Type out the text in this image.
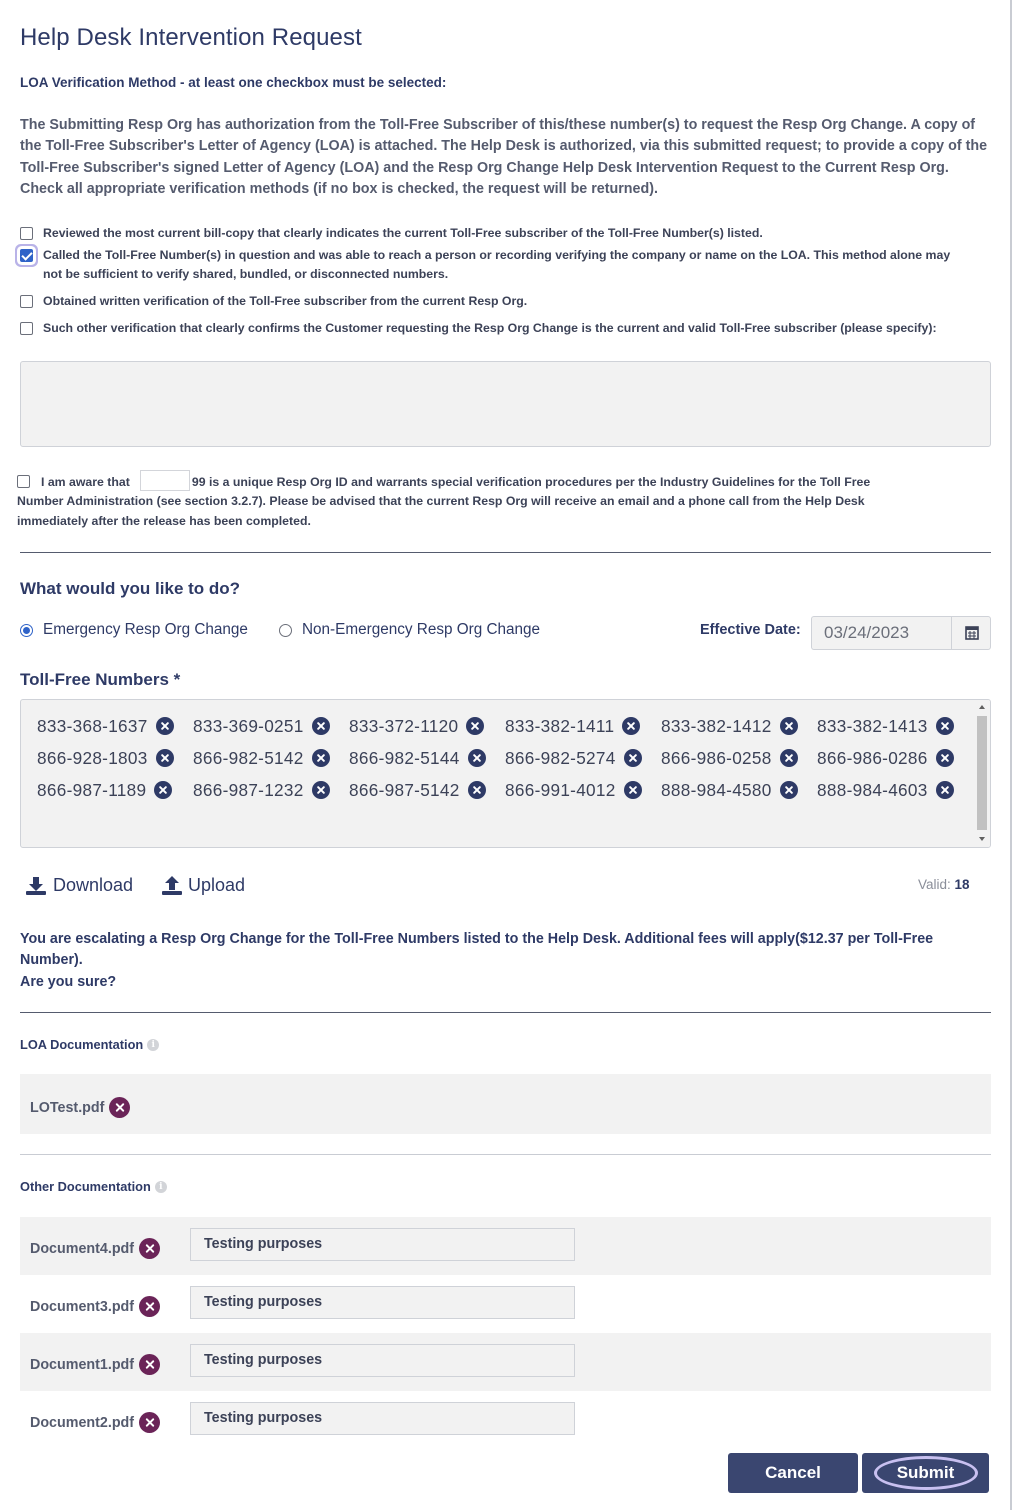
Help Desk Intervention Request
LOA Verification Method - at least one checkbox must be selected:
The Submitting Resp Org has authorization from the Toll-Free Subscriber of this/these number(s) to request the Resp Org Change. A copy of the Toll-Free Subscriber's Letter of Agency (LOA) is attached. The Help Desk is authorized, via this submitted request; to provide a copy of the Toll-Free Subscriber's signed Letter of Agency (LOA) and the Resp Org Change Help Desk Intervention Request to the Current Resp Org. Check all appropriate verification methods (if no box is checked, the request will be returned).
Reviewed the most current bill-copy that clearly indicates the current Toll-Free subscriber of the Toll-Free Number(s) listed.
Called the Toll-Free Number(s) in question and was able to reach a person or recording verifying the company or name on the LOA. This method alone may not be sufficient to verify shared, bundled, or disconnected numbers.
Obtained written verification of the Toll-Free subscriber from the current Resp Org.
Such other verification that clearly confirms the Customer requesting the Resp Org Change is the current and valid Toll-Free subscriber (please specify):
I am aware that	99 is a unique Resp Org ID and warrants special verification procedures per the Industry Guidelines for the Toll Free Number Administration (see section 3.2.7). Please be advised that the current Resp Org will receive an email and a phone call from the Help Desk immediately after the release has been completed.
What would you like to do?
Emergency Resp Org Change	Non-Emergency Resp Org Change	Effective Date:	03/24/2023
Toll-Free Numbers *
833-368-1637	833-369-0251	833-372-1120	833-382-1411	833-382-1412	833-382-1413
866-928-1803	866-982-5142	866-982-5144	866-982-5274	866-986-0258	866-986-0286
866-987-1189	866-987-1232	866-987-5142	866-991-4012	888-984-4580	888-984-4603
Download	Upload	Valid: 18
You are escalating a Resp Org Change for the Toll-Free Numbers listed to the Help Desk. Additional fees will apply($12.37 per Toll-Free Number).
Are you sure?
LOA Documentation i
LOTest.pdf
Other Documentation i
Document4.pdf	Testing purposes
Document3.pdf	Testing purposes
Document1.pdf	Testing purposes
Document2.pdf	Testing purposes
Cancel	Submit
